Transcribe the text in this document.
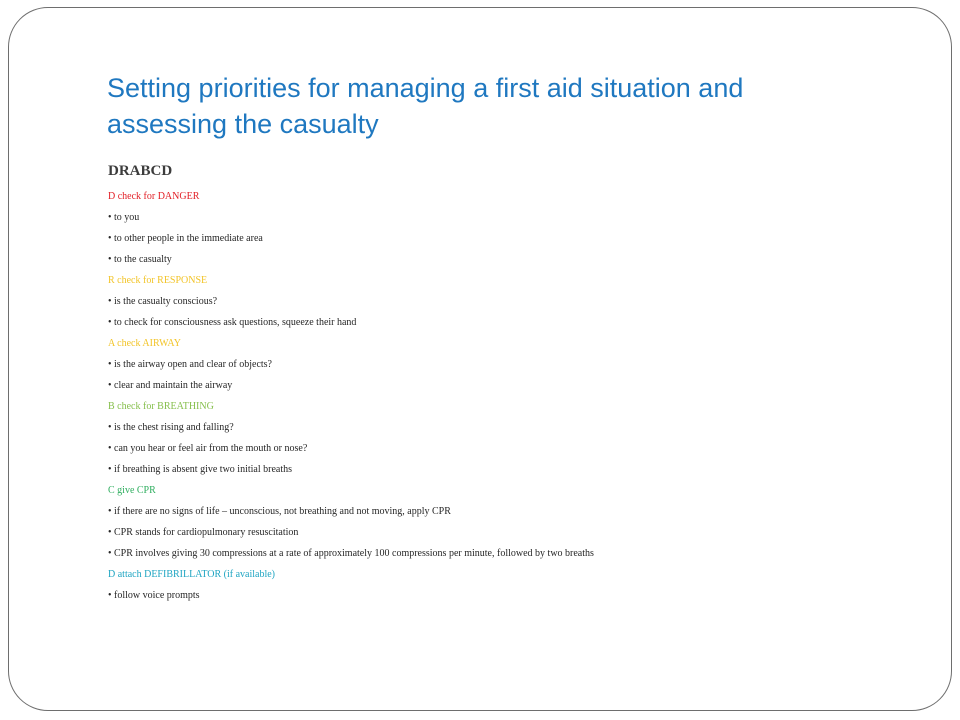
Setting priorities for managing a first aid situation and assessing the casualty
DRABCD
D check for DANGER
• to you
• to other people in the immediate area
• to the casualty
R check for RESPONSE
• is the casualty conscious?
• to check for consciousness ask questions, squeeze their hand
A check AIRWAY
• is the airway open and clear of objects?
• clear and maintain the airway
B check for BREATHING
• is the chest rising and falling?
• can you hear or feel air from the mouth or nose?
• if breathing is absent give two initial breaths
C give CPR
• if there are no signs of life – unconscious, not breathing and not moving, apply CPR
• CPR stands for cardiopulmonary resuscitation
• CPR involves giving 30 compressions at a rate of approximately 100 compressions per minute, followed by two breaths
D attach DEFIBRILLATOR (if available)
• follow voice prompts
